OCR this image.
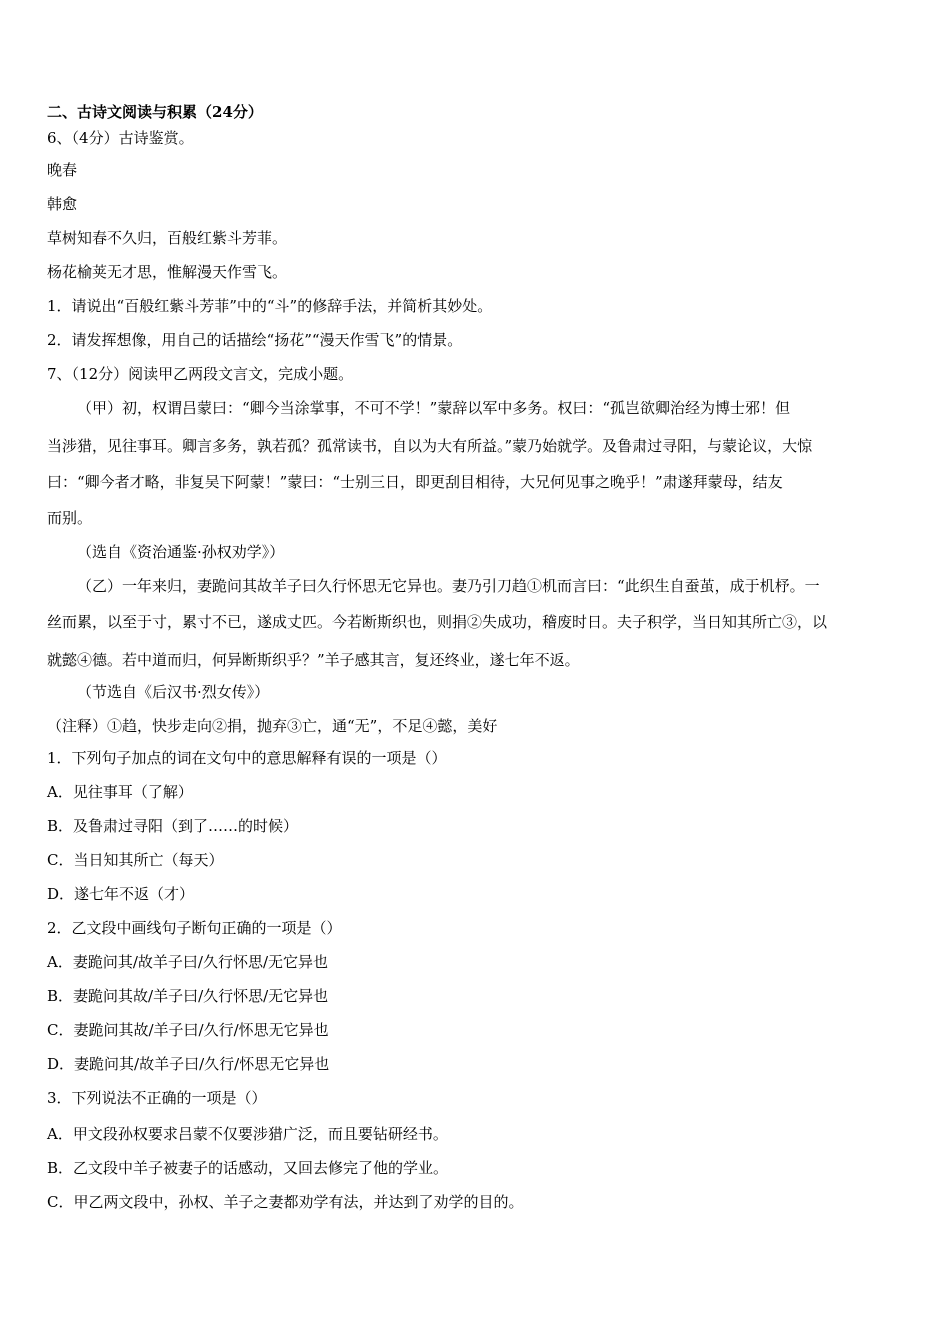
二、古诗文阅读与积累（24分）
6、（4分）古诗鉴赏。
晚春
韩愈
草树知春不久归，百般红紫斗芳菲。
杨花榆荚无才思，惟解漫天作雪飞。
1．请说出“百般红紫斗芳菲”中的“斗”的修辞手法，并简析其妙处。
2．请发挥想像，用自己的话描绘“扬花”“漫天作雪飞”的情景。
7、（12分）阅读甲乙两段文言文，完成小题。
（甲）初，权谓吕蒙曰：“卿今当涂掌事，不可不学！”蒙辞以军中多务。权曰：“孤岂欲卿治经为博士邪！但
当涉猎，见往事耳。卿言多务，孰若孤？孤常读书，自以为大有所益。”蒙乃始就学。及鲁肃过寻阳，与蒙论议，大惊
曰：“卿今者才略，非复吴下阿蒙！”蒙曰：“士别三日，即更刮目相待，大兄何见事之晚乎！”肃遂拜蒙母，结友
而别。
（选自《资治通鉴·孙权劝学》）
（乙）一年来归，妻跪问其故羊子曰久行怀思无它异也。妻乃引刀趋①机而言曰：“此织生自蚕茧，成于机杼。一
丝而累，以至于寸，累寸不已，遂成丈匹。今若断斯织也，则捐②失成功，稽废时日。夫子积学，当日知其所亡③，以
就懿④德。若中道而归，何异断斯织乎？”羊子感其言，复还终业，遂七年不返。
（节选自《后汉书·烈女传》）
（注释）①趋，快步走向②捐，抛弃③亡，通“无”，不足④懿，美好
1．下列句子加点的词在文句中的意思解释有误的一项是（）
A．见往事耳（了解）
B．及鲁肃过寻阳（到了……的时候）
C．当日知其所亡（每天）
D．遂七年不返（才）
2．乙文段中画线句子断句正确的一项是（）
A．妻跪问其/故羊子曰/久行怀思/无它异也
B．妻跪问其故/羊子曰/久行怀思/无它异也
C．妻跪问其故/羊子曰/久行/怀思无它异也
D．妻跪问其/故羊子曰/久行/怀思无它异也
3．下列说法不正确的一项是（）
A．甲文段孙权要求吕蒙不仅要涉猎广泛，而且要钻研经书。
B．乙文段中羊子被妻子的话感动，又回去修完了他的学业。
C．甲乙两文段中，孙权、羊子之妻都劝学有法，并达到了劝学的目的。
